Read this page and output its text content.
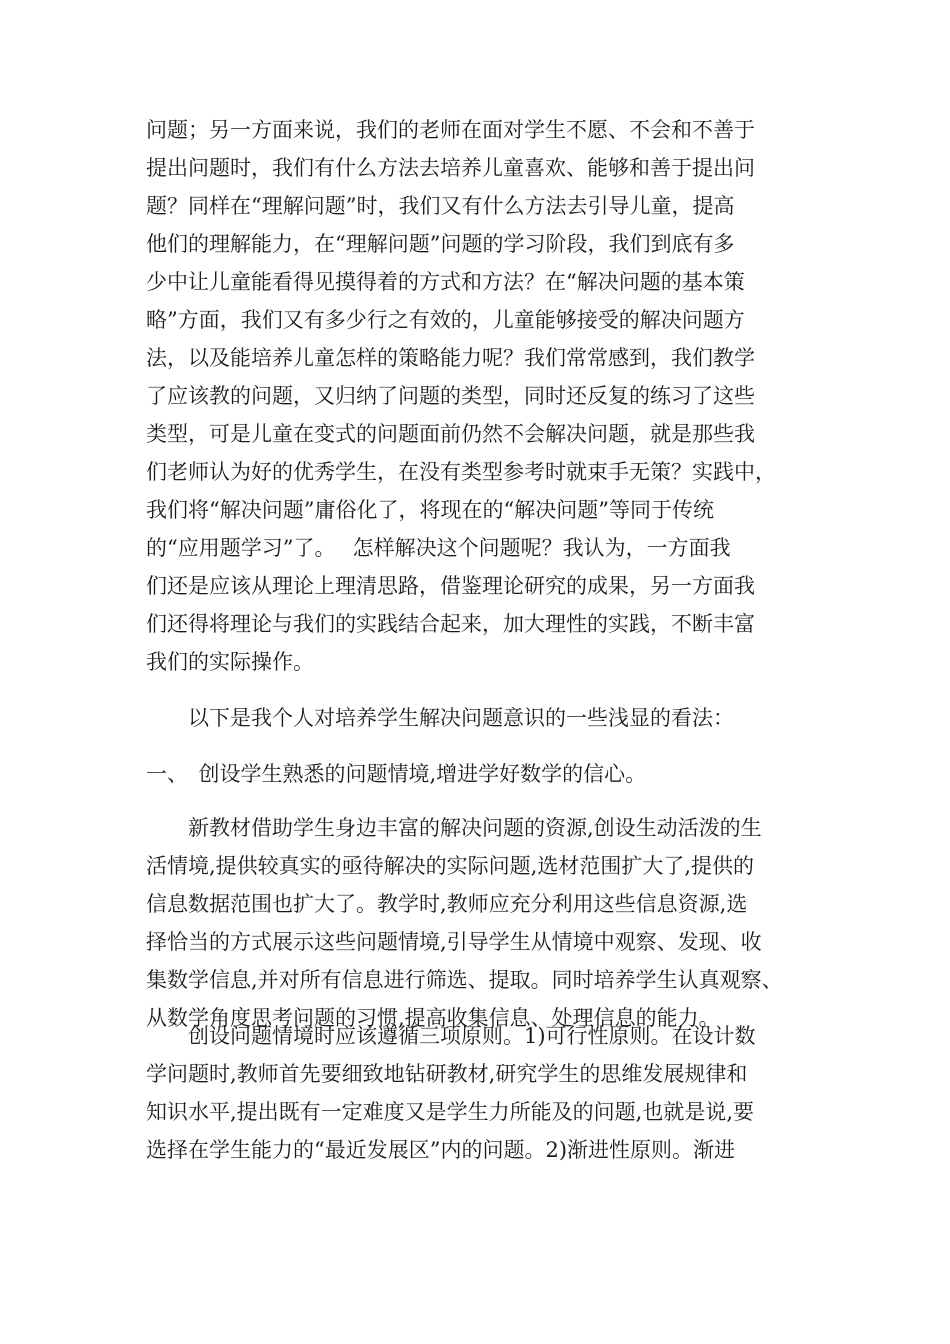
问题；另一方面来说，我们的老师在面对学生不愿、不会和不善于
提出问题时，我们有什么方法去培养儿童喜欢、能够和善于提出问
题？同样在“理解问题”时，我们又有什么方法去引导儿童，提高
他们的理解能力，在“理解问题”问题的学习阶段，我们到底有多
少中让儿童能看得见摸得着的方式和方法？在“解决问题的基本策
略”方面，我们又有多少行之有效的，儿童能够接受的解决问题方
法，以及能培养儿童怎样的策略能力呢？我们常常感到，我们教学
了应该教的问题，又归纳了问题的类型，同时还反复的练习了这些
类型，可是儿童在变式的问题面前仍然不会解决问题，就是那些我
们老师认为好的优秀学生，在没有类型参考时就束手无策？实践中，
我们将“解决问题”庸俗化了，将现在的“解决问题”等同于传统
的“应用题学习”了。　 怎样解决这个问题呢？我认为，一方面我
们还是应该从理论上理清思路，借鉴理论研究的成果，另一方面我
们还得将理论与我们的实践结合起来，加大理性的实践，不断丰富
我们的实际操作。
　　以下是我个人对培养学生解决问题意识的一些浅显的看法：
一、　创设学生熟悉的问题情境,增进学好数学的信心。
　　新教材借助学生身边丰富的解决问题的资源,创设生动活泼的生
活情境,提供较真实的亟待解决的实际问题,选材范围扩大了,提供的
信息数据范围也扩大了。教学时,教师应充分利用这些信息资源,选
择恰当的方式展示这些问题情境,引导学生从情境中观察、发现、收
集数学信息,并对所有信息进行筛选、提取。同时培养学生认真观察、
从数学角度思考问题的习惯,提高收集信息、处理信息的能力。
　　创设问题情境时应该遵循三项原则。1)可行性原则。在设计数
学问题时,教师首先要细致地钻研教材,研究学生的思维发展规律和
知识水平,提出既有一定难度又是学生力所能及的问题,也就是说,要
选择在学生能力的“最近发展区”内的问题。2)渐进性原则。渐进
